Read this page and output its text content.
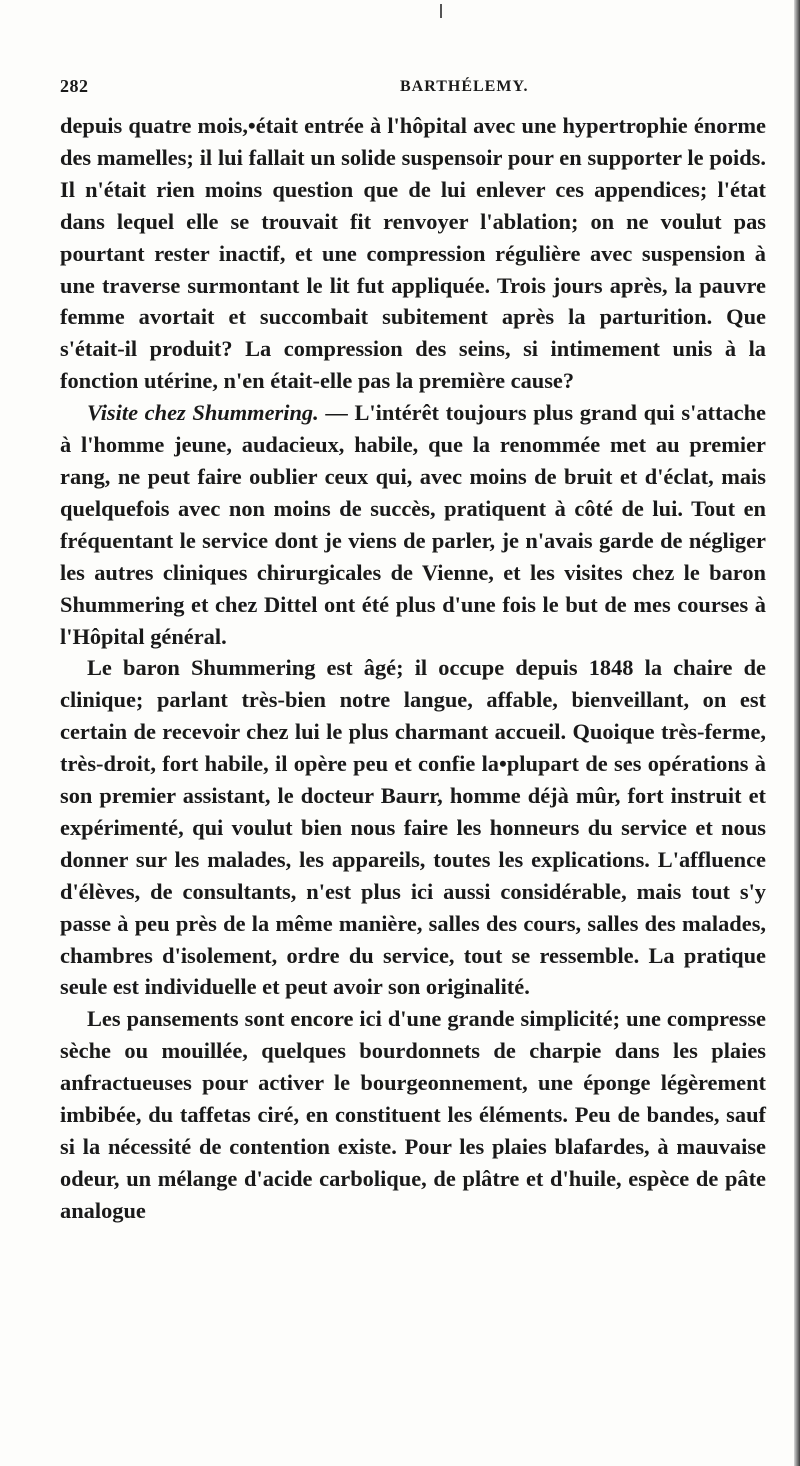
282	BARTHÉLEMY.

depuis quatre mois,•était entrée à l'hôpital avec une hypertrophie énorme des mamelles; il lui fallait un solide suspensoir pour en supporter le poids. Il n'était rien moins question que de lui enlever ces appendices; l'état dans lequel elle se trouvait fit renvoyer l'ablation; on ne voulut pas pourtant rester inactif, et une compression régulière avec suspension à une traverse surmontant le lit fut appliquée. Trois jours après, la pauvre femme avortait et succombait subitement après la parturition. Que s'était-il produit? La compression des seins, si intimement unis à la fonction utérine, n'en était-elle pas la première cause?

Visite chez Shummering. — L'intérêt toujours plus grand qui s'attache à l'homme jeune, audacieux, habile, que la renommée met au premier rang, ne peut faire oublier ceux qui, avec moins de bruit et d'éclat, mais quelquefois avec non moins de succès, pratiquent à côté de lui. Tout en fréquentant le service dont je viens de parler, je n'avais garde de négliger les autres cliniques chirurgicales de Vienne, et les visites chez le baron Shummering et chez Dittel ont été plus d'une fois le but de mes courses à l'Hôpital général.

Le baron Shummering est âgé; il occupe depuis 1848 la chaire de clinique; parlant très-bien notre langue, affable, bienveillant, on est certain de recevoir chez lui le plus charmant accueil. Quoique très-ferme, très-droit, fort habile, il opère peu et confie la•plupart de ses opérations à son premier assistant, le docteur Baurr, homme déjà mûr, fort instruit et expérimenté, qui voulut bien nous faire les honneurs du service et nous donner sur les malades, les appareils, toutes les explications. L'affluence d'élèves, de consultants, n'est plus ici aussi considérable, mais tout s'y passe à peu près de la même manière, salles des cours, salles des malades, chambres d'isolement, ordre du service, tout se ressemble. La pratique seule est individuelle et peut avoir son originalité.

Les pansements sont encore ici d'une grande simplicité; une compresse sèche ou mouillée, quelques bourdonnets de charpie dans les plaies anfractueuses pour activer le bourgeonnement, une éponge légèrement imbibée, du taffetas ciré, en constituent les éléments. Peu de bandes, sauf si la nécessité de contention existe. Pour les plaies blafardes, à mauvaise odeur, un mélange d'acide carbolique, de plâtre et d'huile, espèce de pâte analogue
